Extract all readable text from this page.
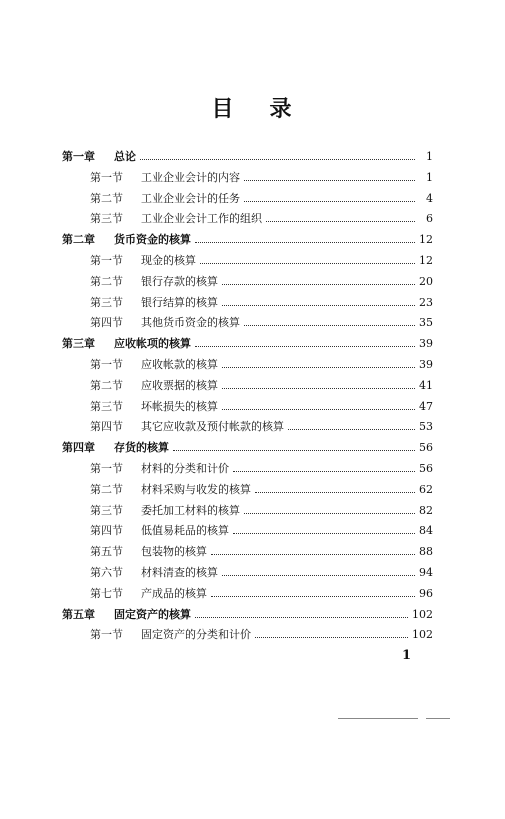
目 录
第一章	总论	1
第一节	工业企业会计的内容	1
第二节	工业企业会计的任务	4
第三节	工业企业会计工作的组织	6
第二章	货币资金的核算	12
第一节	现金的核算	12
第二节	银行存款的核算	20
第三节	银行结算的核算	23
第四节	其他货币资金的核算	35
第三章	应收帐项的核算	39
第一节	应收帐款的核算	39
第二节	应收票据的核算	41
第三节	坏帐损失的核算	47
第四节	其它应收款及预付帐款的核算	53
第四章	存货的核算	56
第一节	材料的分类和计价	56
第二节	材料采购与收发的核算	62
第三节	委托加工材料的核算	82
第四节	低值易耗品的核算	84
第五节	包装物的核算	88
第六节	材料清查的核算	94
第七节	产成品的核算	96
第五章	固定资产的核算	102
第一节	固定资产的分类和计价	102
1
